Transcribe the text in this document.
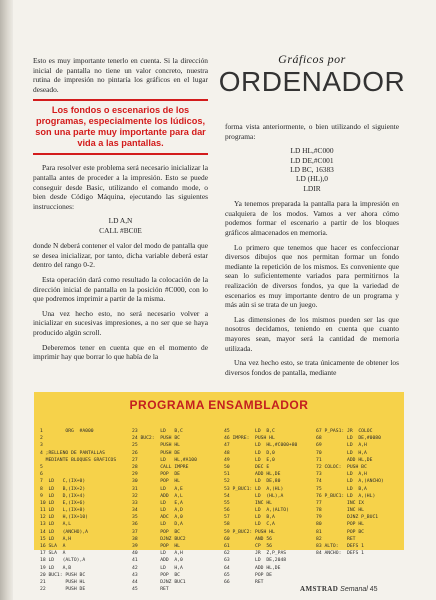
Esto es muy importante tenerlo en cuenta. Si la dirección inicial de pantalla no tiene un valor concreto, nuestra rutina de impresión no pintaría los gráficos en el lugar deseado.

Los fondos o escenarios de los programas, especialmente los lúdicos, son una parte muy importante para dar vida a las pantallas.

Para resolver este problema será necesario inicializar la pantalla antes de proceder a la impresión. Esto se puede conseguir desde Basic, utilizando el comando mode, o bien desde Código Máquina, ejecutando las siguientes instrucciones:

LD A,N
CALL #BC0E

donde N deberá contener el valor del modo de pantalla que se desea inicializar, por tanto, dicha variable deberá estar dentro del rango 0-2.

Esta operación dará como resultado la colocación de la dirección inicial de pantalla en la posición #C000, con lo que podremos imprimir a partir de la misma.

Una vez hecho esto, no será necesario volver a inicializar en sucesivas impresiones, a no ser que se haya producido algún scroll.

Deberemos tener en cuenta que en el momento de imprimir hay que borrar lo que había de la

Gráficos por
ORDENADOR

forma vista anteriormente, o bien utilizando el siguiente programa:

LD HL,#C000
LD DE,#C001
LD BC, 16383
LD (HL),0
LDIR

Ya tenemos preparada la pantalla para la impresión en cualquiera de los modos. Vamos a ver ahora cómo podemos formar el escenario a partir de los bloques gráficos almacenados en memoria.

Lo primero que tenemos que hacer es confeccionar diversos dibujos que nos permitan formar un fondo mediante la repetición de los mismos. Es conveniente que sean lo suficientemente variados para permitirnos la realización de diversos fondos, ya que la variedad de escenarios es muy importante dentro de un programa y más aún si se trata de un juego.

Las dimensiones de los mismos pueden ser las que nosotros decidamos, teniendo en cuenta que cuanto mayores sean, mayor será la cantidad de memoria utilizada.

Una vez hecho esto, se trata únicamente de obtener los diversos fondos de pantalla, mediante

PROGRAMA ENSAMBLADOR
1        ORG  #A000
2
3
4 ;RELLENO DE PANTALLAS
MEDIANTE BLOQUES GRAFICOS
5
6
7  LD   C,(IX+0)
8  LD   B,(IX+2)
9  LD   D,(IX+4)
10 LD   E,(IX+6)
11 LD   L,(IX+8)
12 LD   H,(IX+10)
13 LD   A,L
14 LD   (ANCHO),A
15 LD   A,H
16 SLA  A
17 SLA  A
18 LD   (ALTO),A
19 LD   A,B
20 BUC1: PUSH BC
21       PUSH HL
22       PUSH DE
23        LD   B,C
24 BUC2:  PUSH BC
25        PUSH HL
26        PUSH DE
27        LD   HL,#A100
28        CALL IMPRE
29        POP  DE
30        POP  HL
31        LD   A,E
32        ADD  A,L
33        LD   E,A
34        LD   A,D
35        ADC  A,0
36        LD   D,A
37        POP  BC
38        DJNZ BUC2
39        POP  HL
40        LD   A,H
41        ADD  A,0
42        LD   H,A
43        POP  BC
44        DJNZ BUC1
45        RET
45         LD  B,C
46 IMPRE:  PUSH HL
47         LD  HL,#C000+80
48         LD  D,0
49         LD  E,0
50         DEC E
51         ADD HL,DE
52         LD  DE,80
53 P_BUC1: LD  A,(HL)
54         LD  (HL),A
55         INC HL
56         LD  A,(ALTO)
57         LD  B,A
58         LD  C,A
59 P_BUC2: PUSH HL
60         AND 56
61         CP  56
62         JR  Z,P_PAS
63         LD  DE,2048
64         ADD HL,DE
65         POP DE
66         RET
67 P_PAS1: JR  COLOC
68         LD  DE,#0080
69         LD  A,H
70         LD  H,A
71         ADD HL,DE
72 COLOC:  PUSH BC
73         LD  A,H
74         LD  A,(ANCHO)
75         LD  B,A
76 P_BUC1: LD  A,(HL)
77         INC IX
78         INC HL
79         DJNZ P_BUC1
80         POP HL
81         POP BC
82         RET
83 ALTO:   DEFS 1
84 ANCHO:  DEFS 1
AMSTRAD Semanal 45
